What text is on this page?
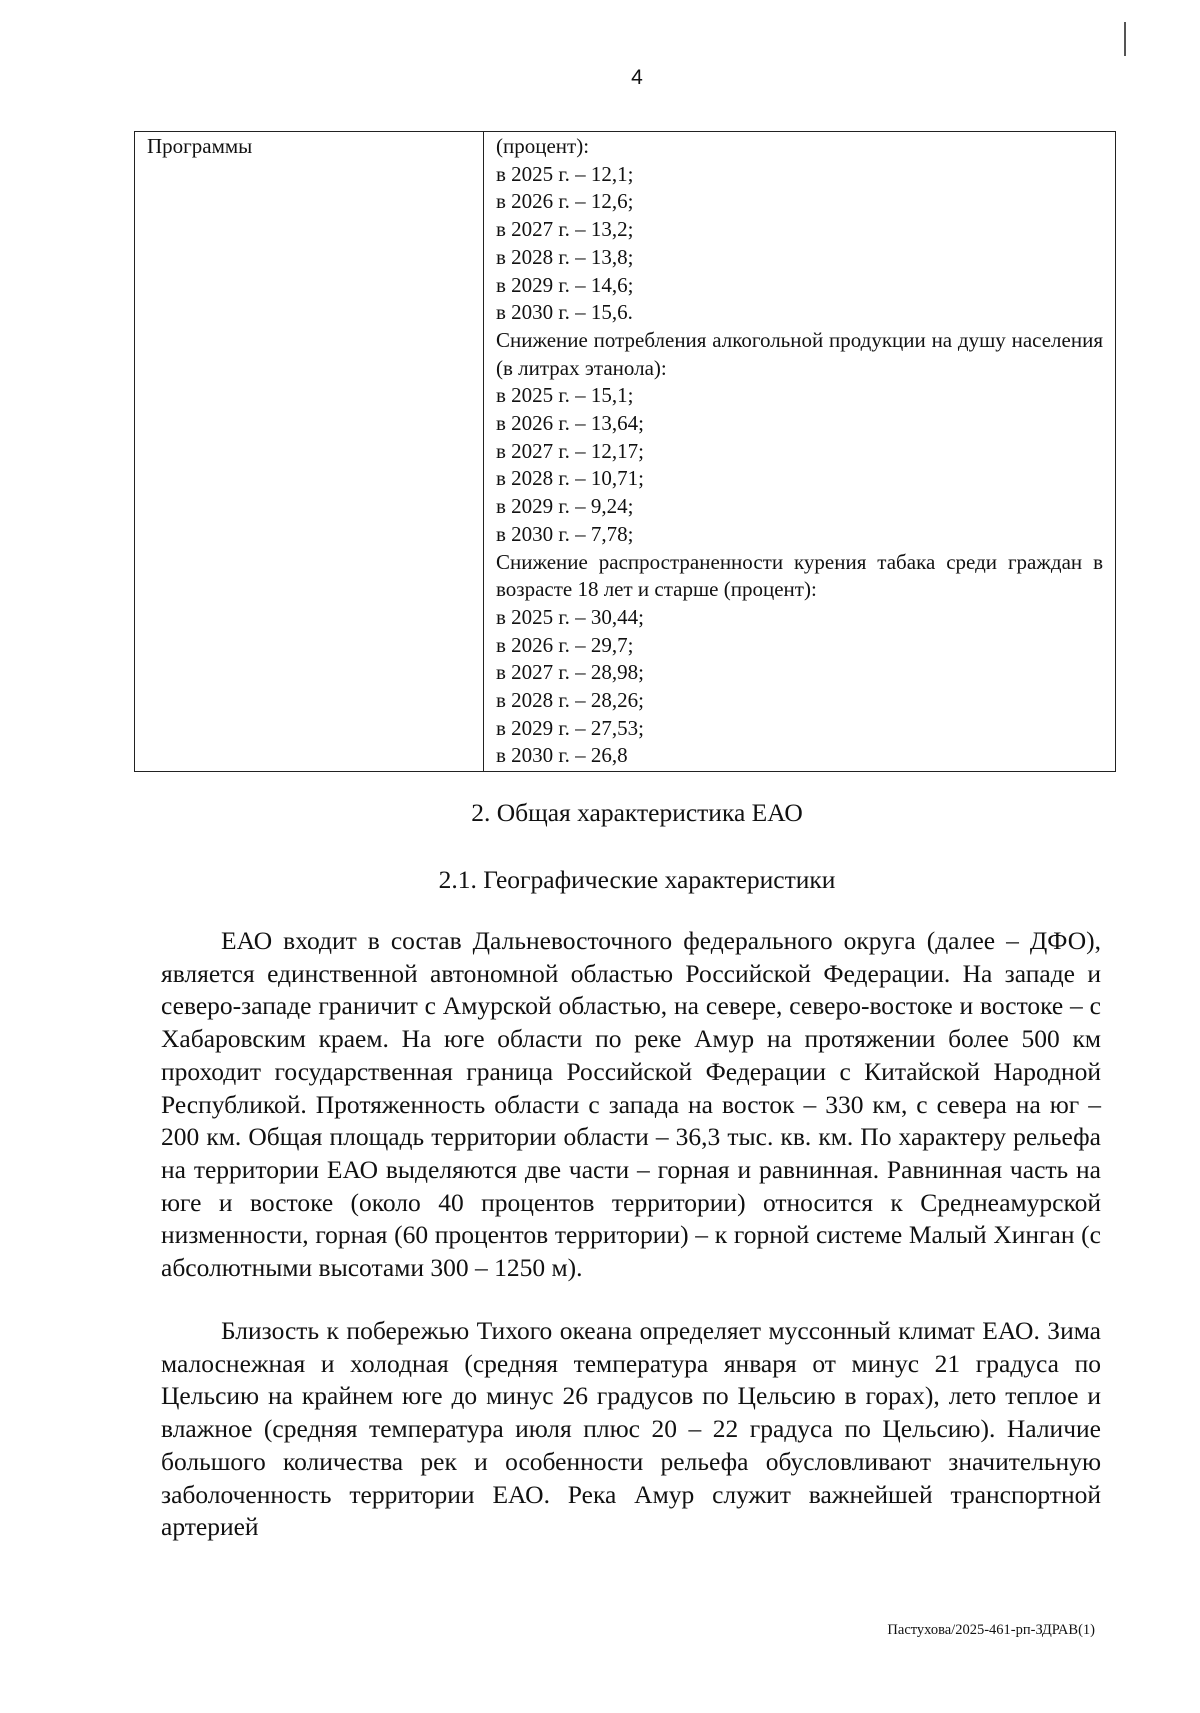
4
Программы	(процент):
в 2025 г. – 12,1;
в 2026 г. – 12,6;
в 2027 г. – 13,2;
в 2028 г. – 13,8;
в 2029 г. – 14,6;
в 2030 г. – 15,6.
Снижение потребления алкогольной продукции на душу населения (в литрах этанола):
в 2025 г. – 15,1;
в 2026 г. – 13,64;
в 2027 г. – 12,17;
в 2028 г. – 10,71;
в 2029 г. – 9,24;
в 2030 г. – 7,78;
Снижение распространенности курения табака среди граждан в возрасте 18 лет и старше (процент):
в 2025 г. – 30,44;
в 2026 г. – 29,7;
в 2027 г. – 28,98;
в 2028 г. – 28,26;
в 2029 г. – 27,53;
в 2030 г. – 26,8
2. Общая характеристика ЕАО
2.1. Географические характеристики

ЕАО входит в состав Дальневосточного федерального округа (далее – ДФО), является единственной автономной областью Российской Федерации. На западе и северо-западе граничит с Амурской областью, на севере, северо-востоке и востоке – с Хабаровским краем. На юге области по реке Амур на протяжении более 500 км проходит государственная граница Российской Федерации с Китайской Народной Республикой. Протяженность области с запада на восток – 330 км, с севера на юг – 200 км. Общая площадь территории области – 36,3 тыс. кв. км. По характеру рельефа на территории ЕАО выделяются две части – горная и равнинная. Равнинная часть на юге и востоке (около 40 процентов территории) относится к Среднеамурской низменности, горная (60 процентов территории) – к горной системе Малый Хинган (с абсолютными высотами 300 – 1250 м).

Близость к побережью Тихого океана определяет муссонный климат ЕАО. Зима малоснежная и холодная (средняя температура января от минус 21 градуса по Цельсию на крайнем юге до минус 26 градусов по Цельсию в горах), лето теплое и влажное (средняя температура июля плюс 20 – 22 градуса по Цельсию). Наличие большого количества рек и особенности рельефа обусловливают значительную заболоченность территории ЕАО. Река Амур служит важнейшей транспортной артерией

Пастухова/2025-461-рп-ЗДРАВ(1)
